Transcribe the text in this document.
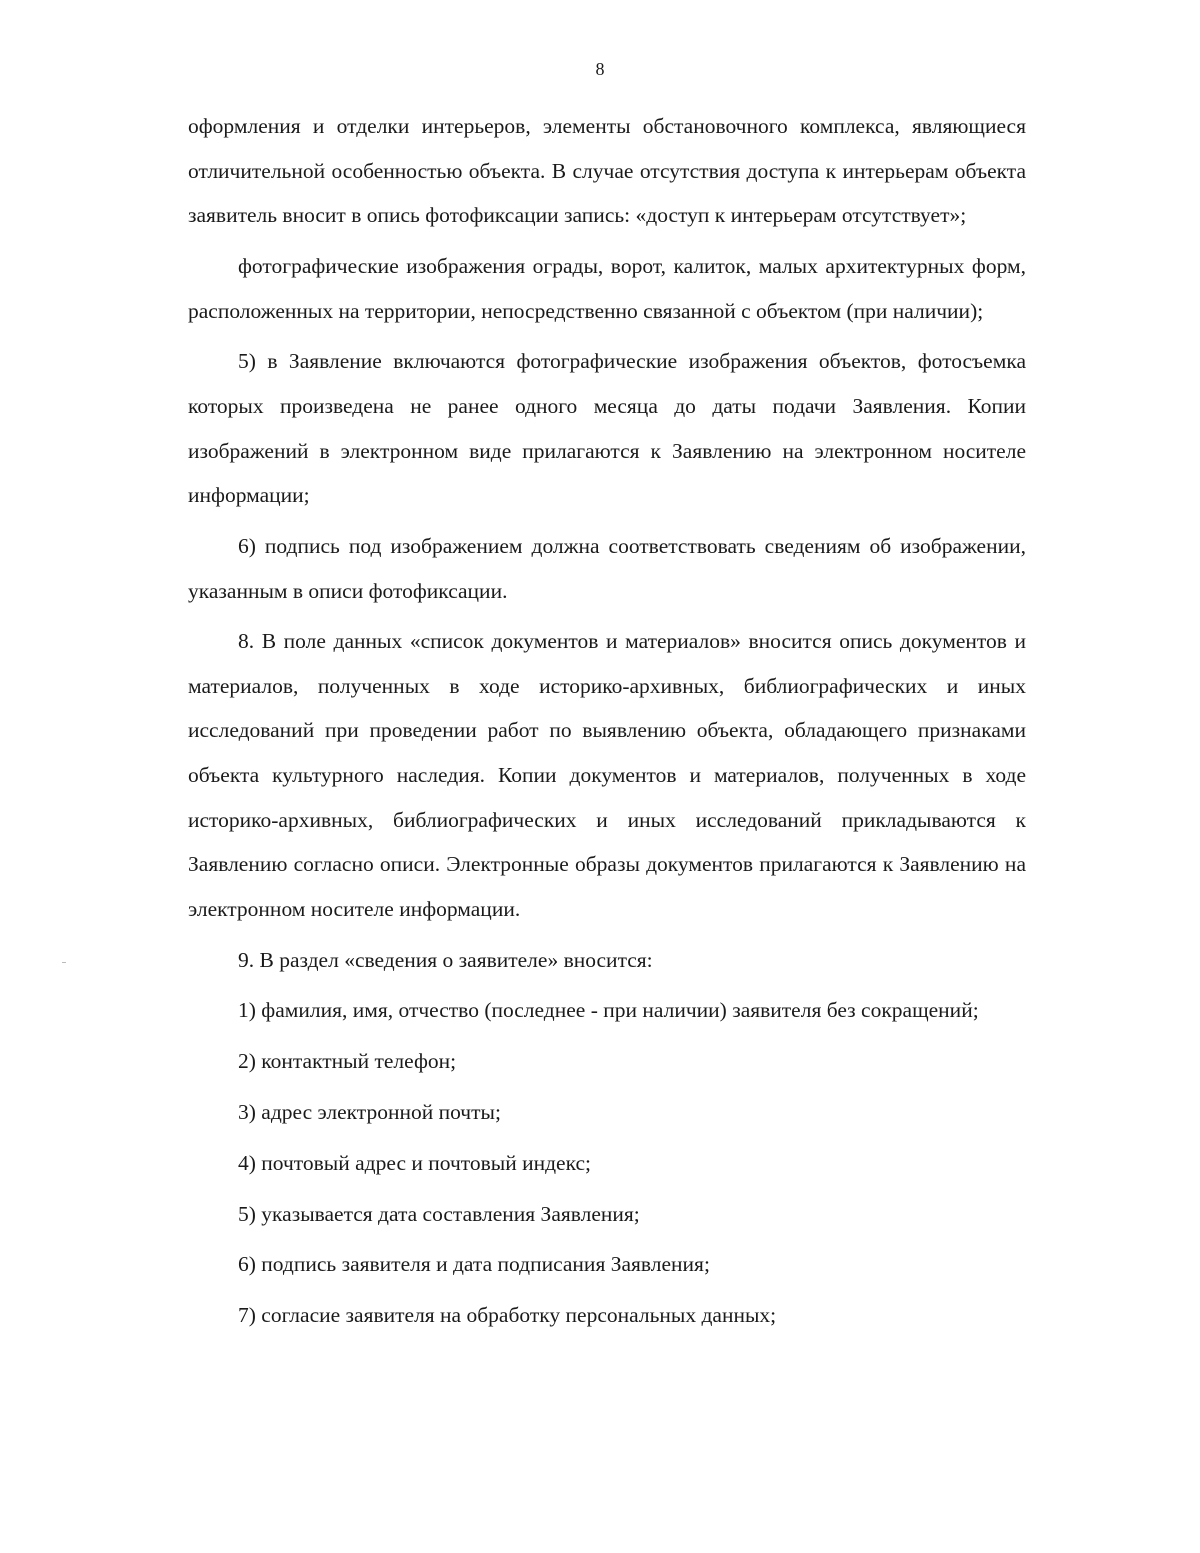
8

оформления и отделки интерьеров, элементы обстановочного комплекса, являющиеся отличительной особенностью объекта. В случае отсутствия доступа к интерьерам объекта заявитель вносит в опись фотофиксации запись: «доступ к интерьерам отсутствует»;

фотографические изображения ограды, ворот, калиток, малых архитектурных форм, расположенных на территории, непосредственно связанной с объектом (при наличии);

5) в Заявление включаются фотографические изображения объектов, фотосъемка которых произведена не ранее одного месяца до даты подачи Заявления. Копии изображений в электронном виде прилагаются к Заявлению на электронном носителе информации;

6) подпись под изображением должна соответствовать сведениям об изображении, указанным в описи фотофиксации.

8. В поле данных «список документов и материалов» вносится опись документов и материалов, полученных в ходе историко-архивных, библиографических и иных исследований при проведении работ по выявлению объекта, обладающего признаками объекта культурного наследия. Копии документов и материалов, полученных в ходе историко-архивных, библиографических и иных исследований прикладываются к Заявлению согласно описи. Электронные образы документов прилагаются к Заявлению на электронном носителе информации.

9. В раздел «сведения о заявителе» вносится:

1) фамилия, имя, отчество (последнее - при наличии) заявителя без сокращений;

2) контактный телефон;

3) адрес электронной почты;

4) почтовый адрес и почтовый индекс;

5) указывается дата составления Заявления;

6) подпись заявителя и дата подписания Заявления;

7) согласие заявителя на обработку персональных данных;
